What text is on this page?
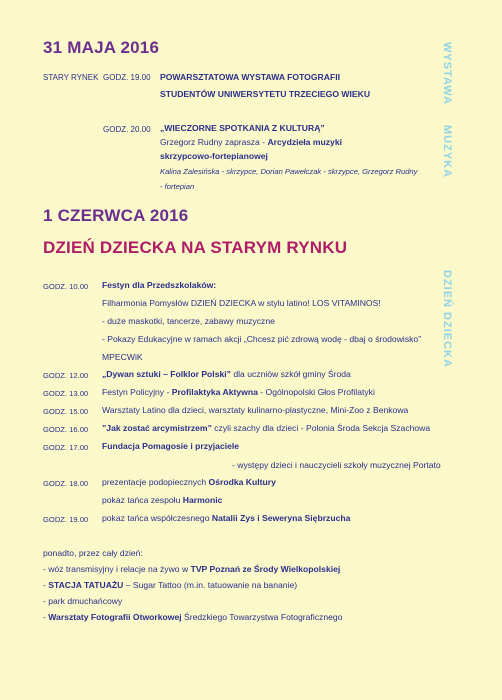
31 MAJA 2016
STARY RYNEK GODZ. 19.00 POWARSZTATOWA WYSTAWA FOTOGRAFII
STUDENTÓW UNIWERSYTETU TRZECIEGO WIEKU
GODZ. 20.00 „WIECZORNE SPOTKANIA Z KULTURĄ”
Grzegorz Rudny zaprasza - Arcydzieła muzyki
skrzypcowo-fortepianowej
Kalina Zalesińska - skrzypce, Dorian Pawełczak - skrzypce, Grzegorz Rudny
- fortepian
WYSTAWA
MUZYKA
DZIEŃ DZIECKA
1 CZERWCA 2016
DZIEŃ DZIECKA NA STARYM RYNKU
GODZ. 10.00 Festyn dla Przedszkolaków:
Filharmonia Pomysłów DZIEŃ DZIECKA w stylu latino! LOS VITAMINOS!
- duże maskotki, tancerze, zabawy muzyczne
- Pokazy Edukacyjne w ramach akcji „Chcesz pić zdrową wodę - dbaj o środowisko”
MPECWiK
GODZ. 12.00 „Dywan sztuki – Folklor Polski” dla uczniów szkół gminy Środa
GODZ. 13.00 Festyn Policyjny - Profilaktyka Aktywna - Ogólnopolski Głos Profilatyki
GODZ. 15.00 Warsztaty Latino dla dzieci, warsztaty kulinarno-plastyczne, Mini-Zoo z Benkowa
GODZ. 16.00 ”Jak zostać arcymistrzem” czyli szachy dla dzieci - Polonia Środa Sekcja Szachowa
GODZ. 17.00 Fundacja Pomagosie i przyjaciele
- występy dzieci i nauczycieli szkoły muzycznej Portato
GODZ. 18.00 prezentacje podopiecznych Ośrodka Kultury
pokaz tańca zespołu Harmonic
GODZ. 19.00 pokaz tańca współczesnego Natalii Zys i Seweryna Siębrzucha
ponadto, przez cały dzień:
- wóz transmisyjny i relacje na żywo w TVP Poznań ze Środy Wielkopolskiej
- STACJA TATUAŻU – Sugar Tattoo (m.in. tatuowanie na bananie)
- park dmuchańcowy
- Warsztaty Fotografii Otworkowej Średzkiego Towarzystwa Fotograficznego
